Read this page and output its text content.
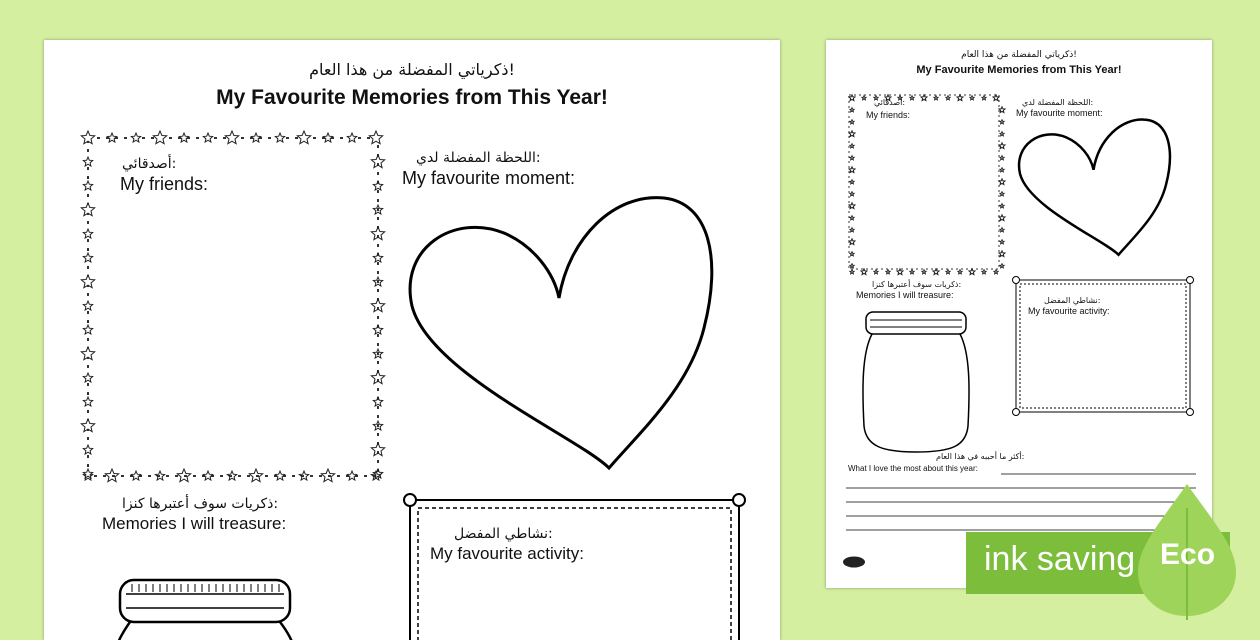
ذكرياتي المفضلة من هذا العام!
My Favourite Memories from This Year!
أصدقائي:
My friends:
اللحظة المفضلة لدي:
My favourite moment:
ذكريات سوف أعتبرها كنزا:
Memories I will treasure:
نشاطي المفضل:
My favourite activity:
ذكرياتي المفضلة من هذا العام!
My Favourite Memories from This Year!
أصدقائي:
My friends:
اللحظة المفضلة لدي:
My favourite moment:
ذكريات سوف أعتبرها كنزا:
Memories I will treasure:
نشاطي المفضل:
My favourite activity:
أكثر ما أحببه في هذا العام:
What I love the most about this year:
ink saving Eco
